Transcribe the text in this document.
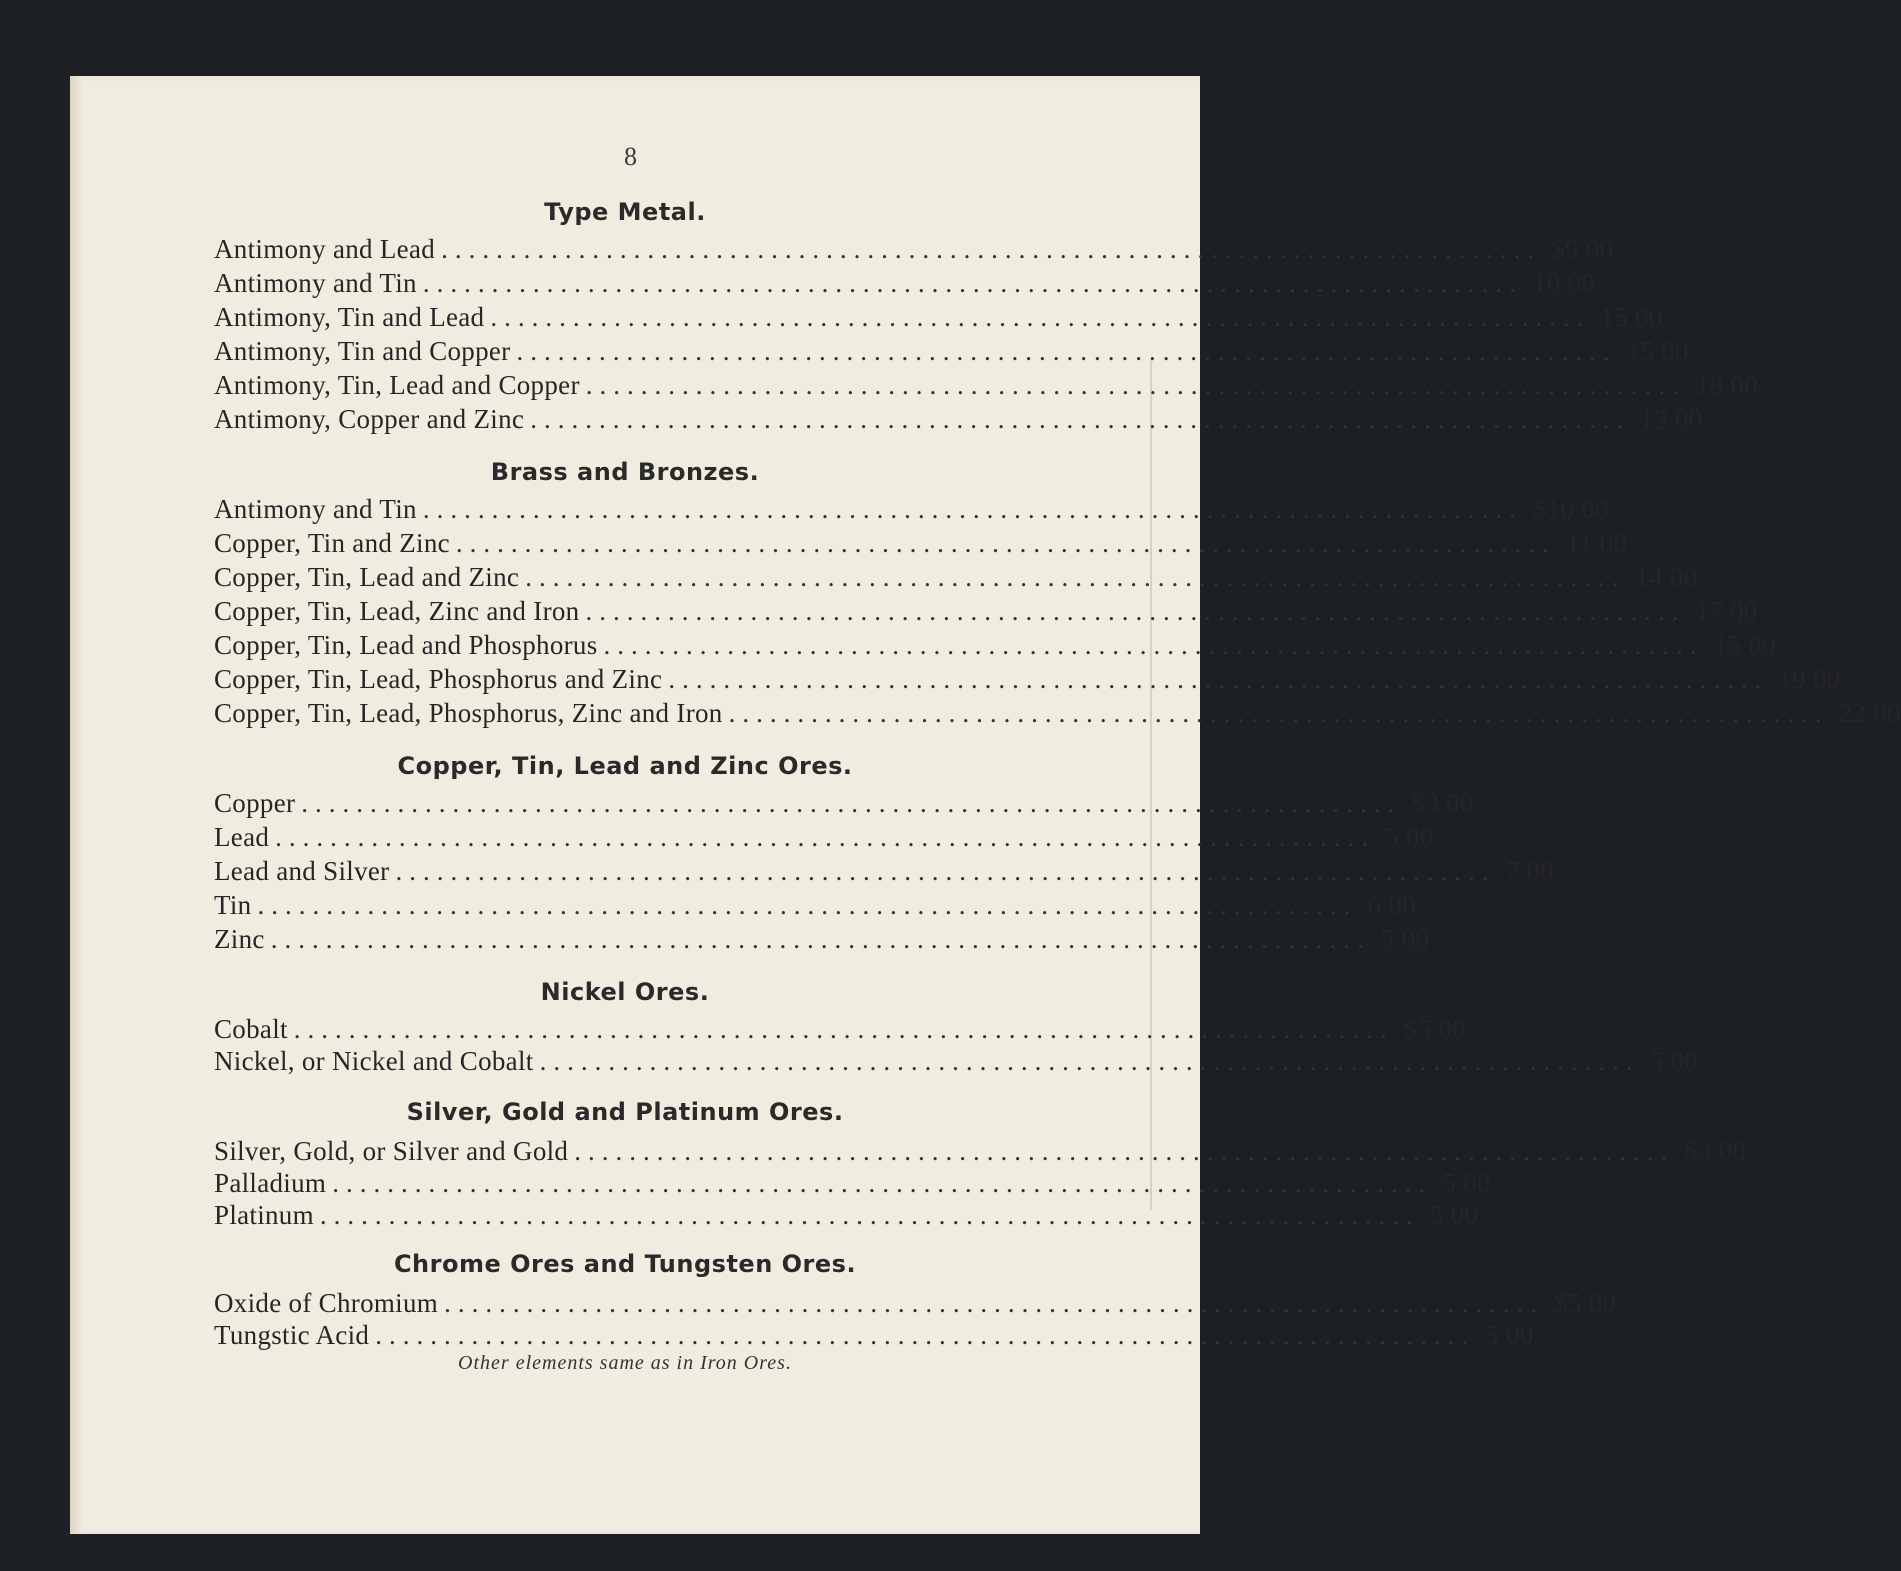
Type Metal.
Antimony and Lead ................................................................................ $9 00
Antimony and Tin ................................................................................ 10 00
Antimony, Tin and Lead ................................................................................ 15 00
Antimony, Tin and Copper ................................................................................ 15 00
Antimony, Tin, Lead and Copper ................................................................................ 18 00
Antimony, Copper and Zinc ................................................................................ 13 00
Brass and Bronzes.
Antimony and Tin ................................................................................ $10 00
Copper, Tin and Zinc ................................................................................ 11 00
Copper, Tin, Lead and Zinc ................................................................................ 14 00
Copper, Tin, Lead, Zinc and Iron ................................................................................ 17 00
Copper, Tin, Lead and Phosphorus ................................................................................ 15 00
Copper, Tin, Lead, Phosphorus and Zinc ................................................................................ 19 00
Copper, Tin, Lead, Phosphorus, Zinc and Iron ................................................................................ 22 00
Copper, Tin, Lead and Zinc Ores.
Copper ................................................................................ $3 00
Lead ................................................................................ 5 00
Lead and Silver ................................................................................ 7 00
Tin ................................................................................ 6 00
Zinc ................................................................................ 5 00
Nickel Ores.
Cobalt ................................................................................ $5 00
Nickel, or Nickel and Cobalt ................................................................................ 5 00
Silver, Gold and Platinum Ores.
Silver, Gold, or Silver and Gold ................................................................................ $3 00
Palladium ................................................................................ 5 00
Platinum ................................................................................ 5 00
Chrome Ores and Tungsten Ores.
Oxide of Chromium ................................................................................ $5 00
Tungstic Acid ................................................................................ 5 00
Other elements same as in Iron Ores.
